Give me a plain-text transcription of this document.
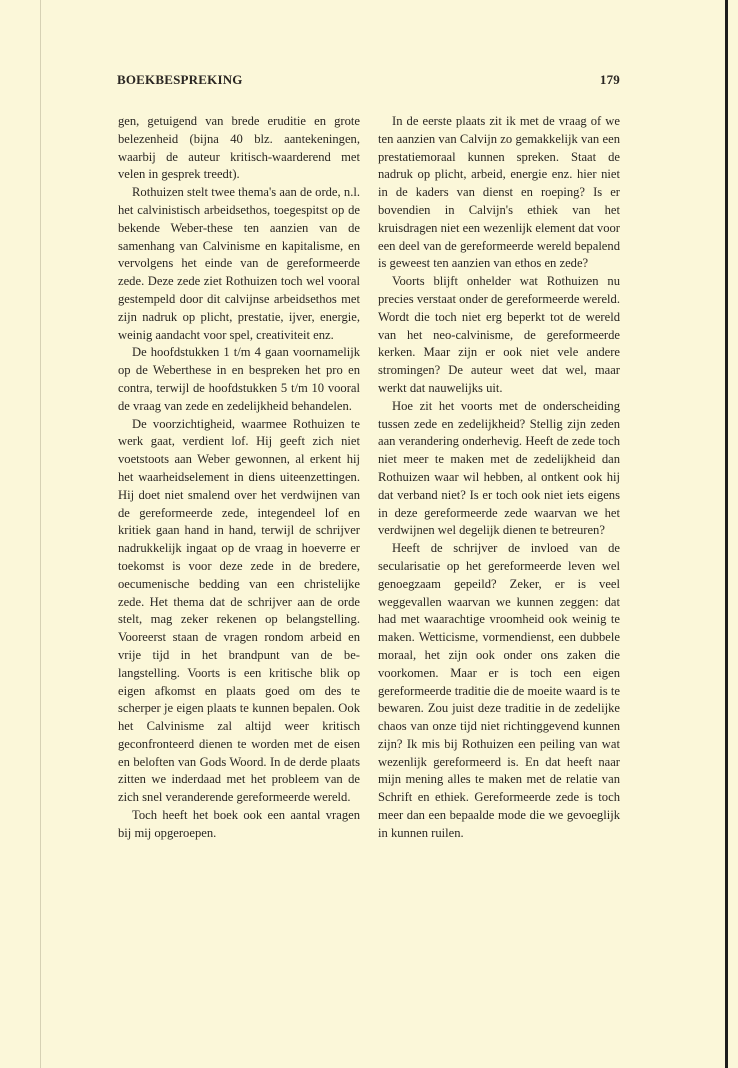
BOEKBESPREKING	179

gen, getuigend van brede eruditie en grote belezenheid (bijna 40 blz. aantekeningen, waarbij de auteur kritisch-waarderend met velen in gesprek treedt).

Rothuizen stelt twee thema's aan de orde, n.l. het calvinistisch arbeidsethos, toegespitst op de bekende Weber-these ten aanzien van de samenhang van Calvinisme en kapitalisme, en vervolgens het einde van de gereformeerde zede. Deze zede ziet Rothuizen toch wel vooral gestempeld door dit calvijnse arbeidsethos met zijn nadruk op plicht, prestatie, ijver, energie, weinig aandacht voor spel, creativiteit enz.

De hoofdstukken 1 t/m 4 gaan voornamelijk op de Weberthese in en bespreken het pro en contra, terwijl de hoofdstukken 5 t/m 10 vooral de vraag van zede en zedelijkheid behandelen.

De voorzichtigheid, waarmee Rothuizen te werk gaat, verdient lof. Hij geeft zich niet voetstoots aan Weber gewonnen, al erkent hij het waarheidselement in diens uiteenzettingen. Hij doet niet smalend over het verdwijnen van de gereformeerde zede, integendeel lof en kritiek gaan hand in hand, terwijl de schrijver nadrukkelijk ingaat op de vraag in hoeverre er toekomst is voor deze zede in de bredere, oecumenische bedding van een christelijke zede. Het thema dat de schrijver aan de orde stelt, mag zeker rekenen op belangstelling. Vooreerst staan de vragen rondom arbeid en vrije tijd in het brandpunt van de belangstelling. Voorts is een kritische blik op eigen afkomst en plaats goed om des te scherper je eigen plaats te kunnen bepalen. Ook het Calvinisme zal altijd weer kritisch geconfronteerd dienen te worden met de eisen en beloften van Gods Woord. In de derde plaats zitten we inderdaad met het probleem van de zich snel veranderende gereformeerde wereld.

Toch heeft het boek ook een aantal vragen bij mij opgeroepen.

In de eerste plaats zit ik met de vraag of we ten aanzien van Calvijn zo gemakkelijk van een prestatiemoraal kunnen spreken. Staat de nadruk op plicht, arbeid, energie enz. hier niet in de kaders van dienst en roeping? Is er bovendien in Calvijn's ethiek van het kruisdragen niet een wezenlijk element dat voor een deel van de gereformeerde wereld bepalend is geweest ten aanzien van ethos en zede?

Voorts blijft onhelder wat Rothuizen nu precies verstaat onder de gereformeerde wereld. Wordt die toch niet erg beperkt tot de wereld van het neo-calvinisme, de gereformeerde kerken. Maar zijn er ook niet vele andere stromingen? De auteur weet dat wel, maar werkt dat nauwelijks uit.

Hoe zit het voorts met de onderscheiding tussen zede en zedelijkheid? Stellig zijn zeden aan verandering onderhevig. Heeft de zede toch niet meer te maken met de zedelijkheid dan Rothuizen waar wil hebben, al ontkent ook hij dat verband niet? Is er toch ook niet iets eigens in deze gereformeerde zede waarvan we het verdwijnen wel degelijk dienen te betreuren?

Heeft de schrijver de invloed van de secularisatie op het gereformeerde leven wel genoegzaam gepeild? Zeker, er is veel weggevallen waarvan we kunnen zeggen: dat had met waarachtige vroomheid ook weinig te maken. Wetticisme, vormendienst, een dubbele moraal, het zijn ook onder ons zaken die voorkomen. Maar er is toch een eigen gereformeerde traditie die de moeite waard is te bewaren. Zou juist deze traditie in de zedelijke chaos van onze tijd niet richtinggevend kunnen zijn? Ik mis bij Rothuizen een peiling van wat wezenlijk gereformeerd is. En dat heeft naar mijn mening alles te maken met de relatie van Schrift en ethiek. Gereformeerde zede is toch meer dan een bepaalde mode die we gevoeglijk in kunnen ruilen.
